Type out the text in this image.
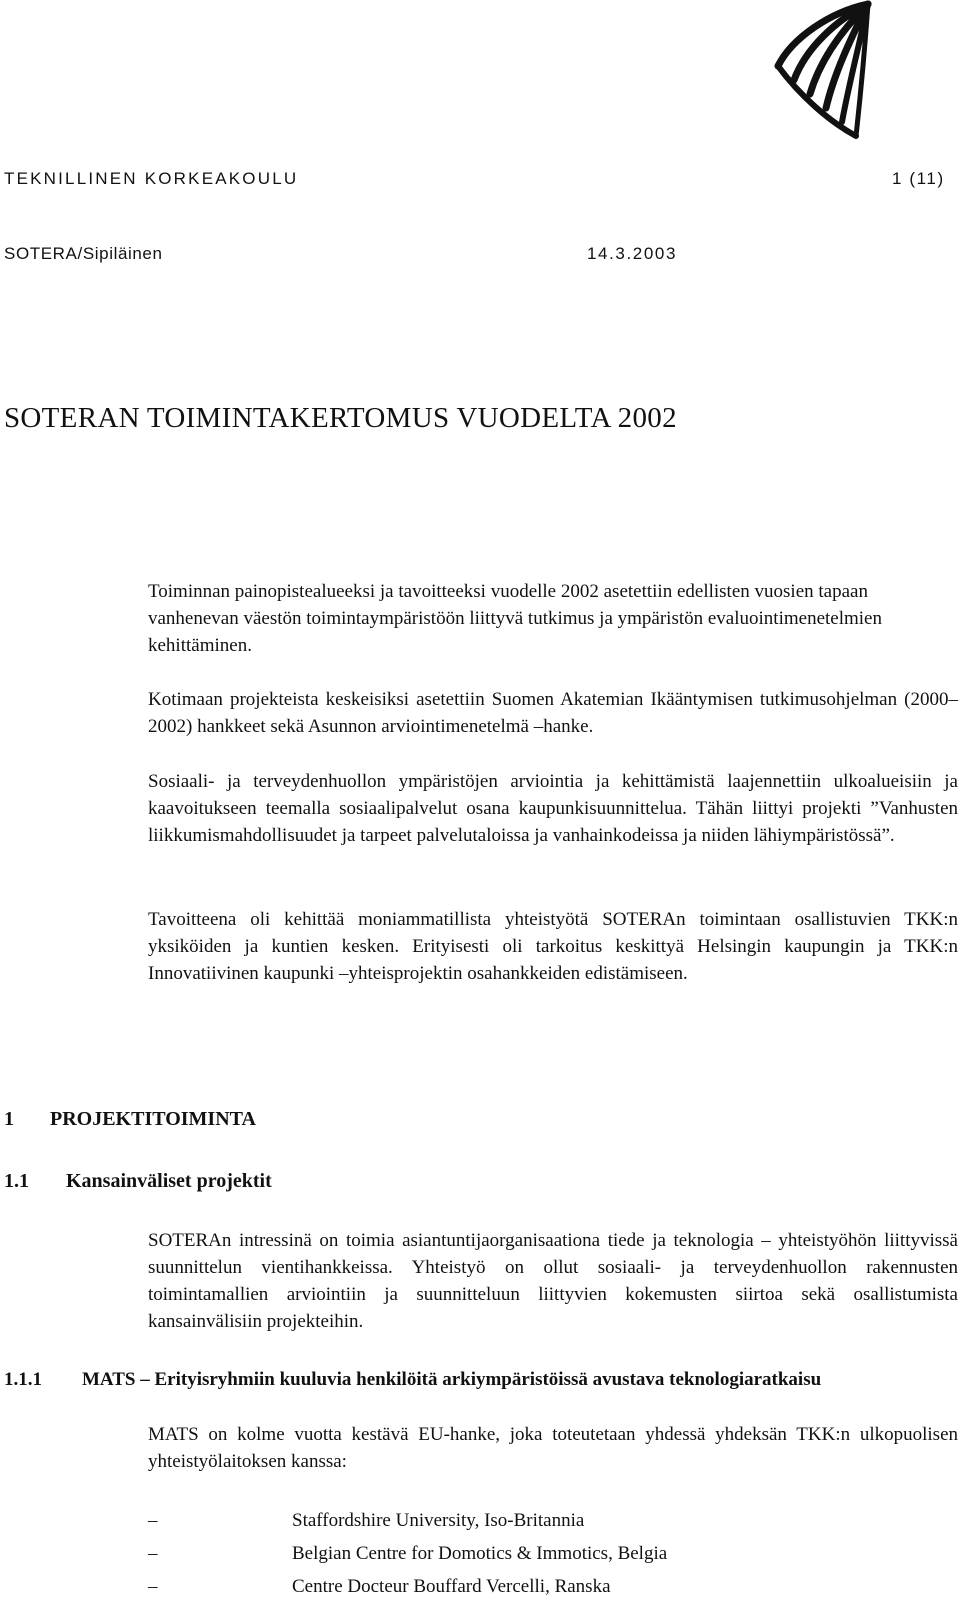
TEKNILLINEN KORKEAKOULU	1 (11)
SOTERA/Sipiläinen	14.3.2003
SOTERAN TOIMINTAKERTOMUS VUODELTA 2002

Toiminnan painopistealueeksi ja tavoitteeksi vuodelle 2002 asetettiin edellisten vuosien tapaan vanhenevan väestön toimintaympäristöön liittyvä tutkimus ja ympäristön evaluointimenetelmien kehittäminen.

Kotimaan projekteista keskeisiksi asetettiin Suomen Akatemian Ikääntymisen tutkimusohjelman (2000–2002) hankkeet sekä Asunnon arviointimenetelmä –hanke.

Sosiaali- ja terveydenhuollon ympäristöjen arviointia ja kehittämistä laajennettiin ulkoalueisiin ja kaavoitukseen teemalla sosiaalipalvelut osana kaupunkisuunnittelua. Tähän liittyi projekti ”Vanhusten liikkumismahdollisuudet ja tarpeet palvelutaloissa ja vanhainkodeissa ja niiden lähiympäristössä”.

Tavoitteena oli kehittää moniammatillista yhteistyötä SOTERAn toimintaan osallistuvien TKK:n yksiköiden ja kuntien kesken. Erityisesti oli tarkoitus keskittyä Helsingin kaupungin ja TKK:n Innovatiivinen kaupunki –yhteisprojektin osahankkeiden edistämiseen.

1 PROJEKTITOIMINTA
1.1 Kansainväliset projektit

SOTERAn intressinä on toimia asiantuntijaorganisaationa tiede ja teknologia – yhteistyöhön liittyvissä suunnittelun vientihankkeissa. Yhteistyö on ollut sosiaali- ja terveydenhuollon rakennusten toimintamallien arviointiin ja suunnitteluun liittyvien kokemusten siirtoa sekä osallistumista kansainvälisiin projekteihin.

1.1.1 MATS – Erityisryhmiin kuuluvia henkilöitä arkiympäristöissä avustava teknologiaratkaisu

MATS on kolme vuotta kestävä EU-hanke, joka toteutetaan yhdessä yhdeksän TKK:n ulkopuolisen yhteistyölaitoksen kanssa:

–	Staffordshire University, Iso-Britannia
–	Belgian Centre for Domotics & Immotics, Belgia
–	Centre Docteur Bouffard Vercelli, Ranska
